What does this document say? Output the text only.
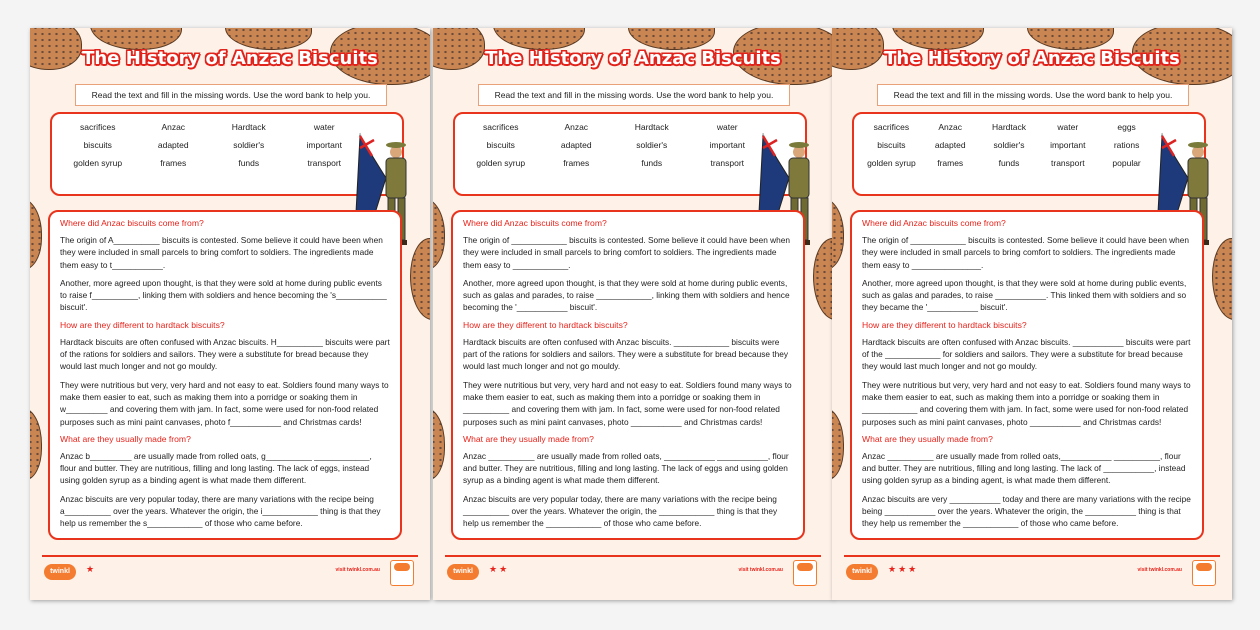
The History of Anzac Biscuits
Read the text and fill in the missing words. Use the word bank to help you.
sacrifices	Anzac	Hardtack	water
biscuits	adapted	soldier's	important
golden syrup	frames	funds	transport
Where did Anzac biscuits come from?

The origin of A__________ biscuits is contested. Some believe it could have been when they were included in small parcels to bring comfort to soldiers. The ingredients made them easy to t___________.

Another, more agreed upon thought, is that they were sold at home during public events to raise f__________, linking them with soldiers and hence becoming the 's___________ biscuit'.

How are they different to hardtack biscuits?

Hardtack biscuits are often confused with Anzac biscuits. H__________ biscuits were part of the rations for soldiers and sailors. They were a substitute for bread because they would last much longer and not go mouldy.

They were nutritious but very, very hard and not easy to eat. Soldiers found many ways to make them easier to eat, such as making them into a porridge or soaking them in w_________ and covering them with jam. In fact, some were used for non-food related purposes such as mini paint canvases, photo f___________ and Christmas cards!

What are they usually made from?

Anzac b_________ are usually made from rolled oats, g__________ ____________, flour and butter. They are nutritious, filling and long lasting. The lack of eggs, instead using golden syrup as a binding agent is what made them different.

Anzac biscuits are very popular today, there are many variations with the recipe being a__________ over the years. Whatever the origin, the i____________ thing is that they help us remember the s____________ of those who came before.

twinkl	★	visit twinkl.com.au
The History of Anzac Biscuits
Read the text and fill in the missing words. Use the word bank to help you.
sacrifices	Anzac	Hardtack	water
biscuits	adapted	soldier's	important
golden syrup	frames	funds	transport
Where did Anzac biscuits come from?

The origin of ____________ biscuits is contested. Some believe it could have been when they were included in small parcels to bring comfort to soldiers. The ingredients made them easy to ____________.

Another, more agreed upon thought, is that they were sold at home during public events, such as galas and parades, to raise ____________, linking them with soldiers and hence becoming the '___________ biscuit'.

How are they different to hardtack biscuits?

Hardtack biscuits are often confused with Anzac biscuits. ____________ biscuits were part of the rations for soldiers and sailors. They were a substitute for bread because they would last much longer and not go mouldy.

They were nutritious but very, very hard and not easy to eat. Soldiers found many ways to make them easier to eat, such as making them into a porridge or soaking them in __________ and covering them with jam. In fact, some were used for non-food related purposes such as mini paint canvases, photo ___________ and Christmas cards!

What are they usually made from?

Anzac __________ are usually made from rolled oats, ___________ ___________, flour and butter. They are nutritious, filling and long lasting. The lack of eggs and using golden syrup as a binding agent is what made them different.

Anzac biscuits are very popular today, there are many variations with the recipe being __________ over the years. Whatever the origin, the ____________ thing is that they help us remember the ____________ of those who came before.

twinkl	★★	visit twinkl.com.au
The History of Anzac Biscuits
Read the text and fill in the missing words. Use the word bank to help you.
sacrifices	Anzac	Hardtack	water	eggs
biscuits	adapted	soldier's	important	rations
golden syrup	frames	funds	transport	popular
Where did Anzac biscuits come from?

The origin of ____________ biscuits is contested. Some believe it could have been when they were included in small parcels to bring comfort to soldiers. The ingredients made them easy to _______________.

Another, more agreed upon thought, is that they were sold at home during public events, such as galas and parades, to raise ___________. This linked them with soldiers and so they became the '___________ biscuit'.

How are they different to hardtack biscuits?

Hardtack biscuits are often confused with Anzac biscuits. ___________ biscuits were part of the ____________ for soldiers and sailors. They were a substitute for bread because they would last much longer and not go mouldy.

They were nutritious but very, very hard and not easy to eat. Soldiers found many ways to make them easier to eat, such as making them into a porridge or soaking them in ____________ and covering them with jam. In fact, some were used for non-food related purposes such as mini paint canvases, photo ___________ and Christmas cards!

What are they usually made from?

Anzac __________ are usually made from rolled oats,___________ __________, flour and butter. They are nutritious, filling and long lasting. The lack of ___________, instead using golden syrup as a binding agent, is what made them different.

Anzac biscuits are very ___________ today and there are many variations with the recipe being ___________ over the years. Whatever the origin, the ___________ thing is that they help us remember the ____________ of those who came before.

twinkl	★★★	visit twinkl.com.au
